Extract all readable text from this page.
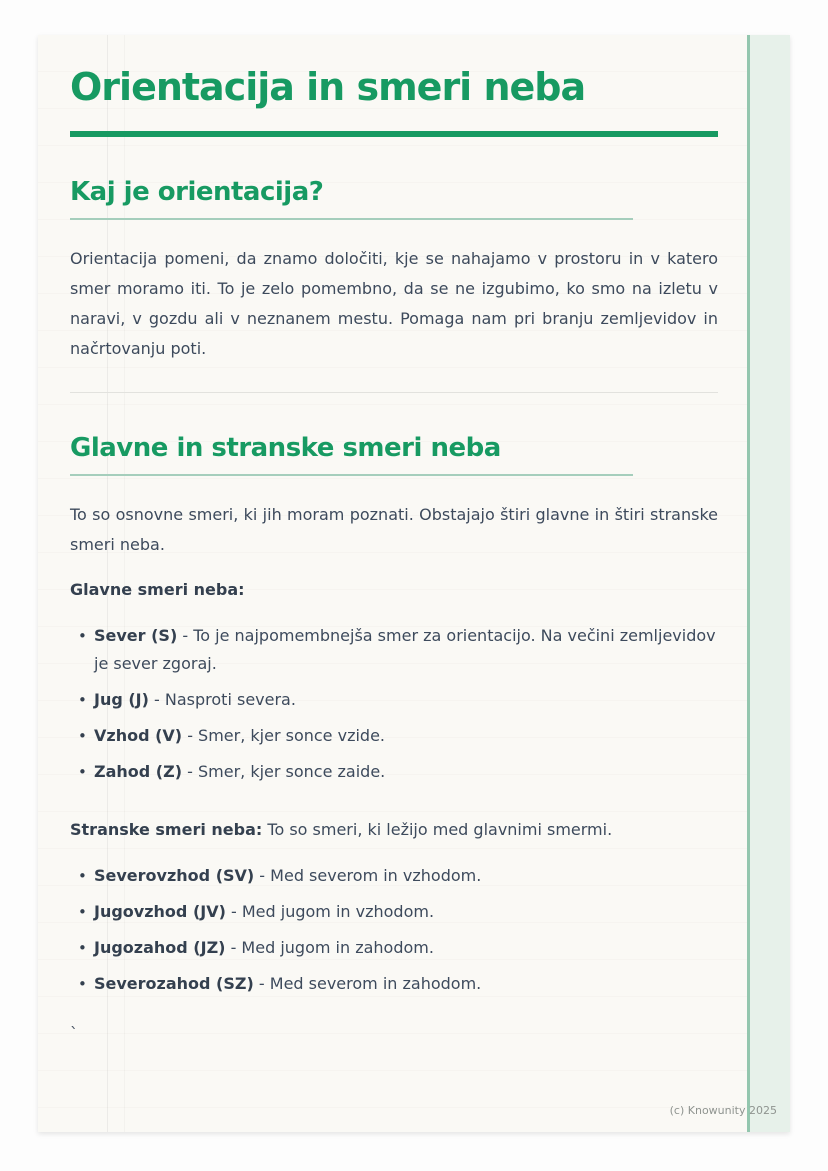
Orientacija in smeri neba
Kaj je orientacija?

Orientacija pomeni, da znamo določiti, kje se nahajamo v prostoru in v katero smer moramo iti. To je zelo pomembno, da se ne izgubimo, ko smo na izletu v naravi, v gozdu ali v neznanem mestu. Pomaga nam pri branju zemljevidov in načrtovanju poti.

Glavne in stranske smeri neba

To so osnovne smeri, ki jih moram poznati. Obstajajo štiri glavne in štiri stranske smeri neba.

Glavne smeri neba:

• Sever (S) - To je najpomembnejša smer za orientacijo. Na večini zemljevidov je sever zgoraj.
• Jug (J) - Nasproti severa.
• Vzhod (V) - Smer, kjer sonce vzide.
• Zahod (Z) - Smer, kjer sonce zaide.

Stranske smeri neba: To so smeri, ki ležijo med glavnimi smermi.

• Severovzhod (SV) - Med severom in vzhodom.
• Jugovzhod (JV) - Med jugom in vzhodom.
• Jugozahod (JZ) - Med jugom in zahodom.
• Severozahod (SZ) - Med severom in zahodom.

`

(c) Knowunity 2025
